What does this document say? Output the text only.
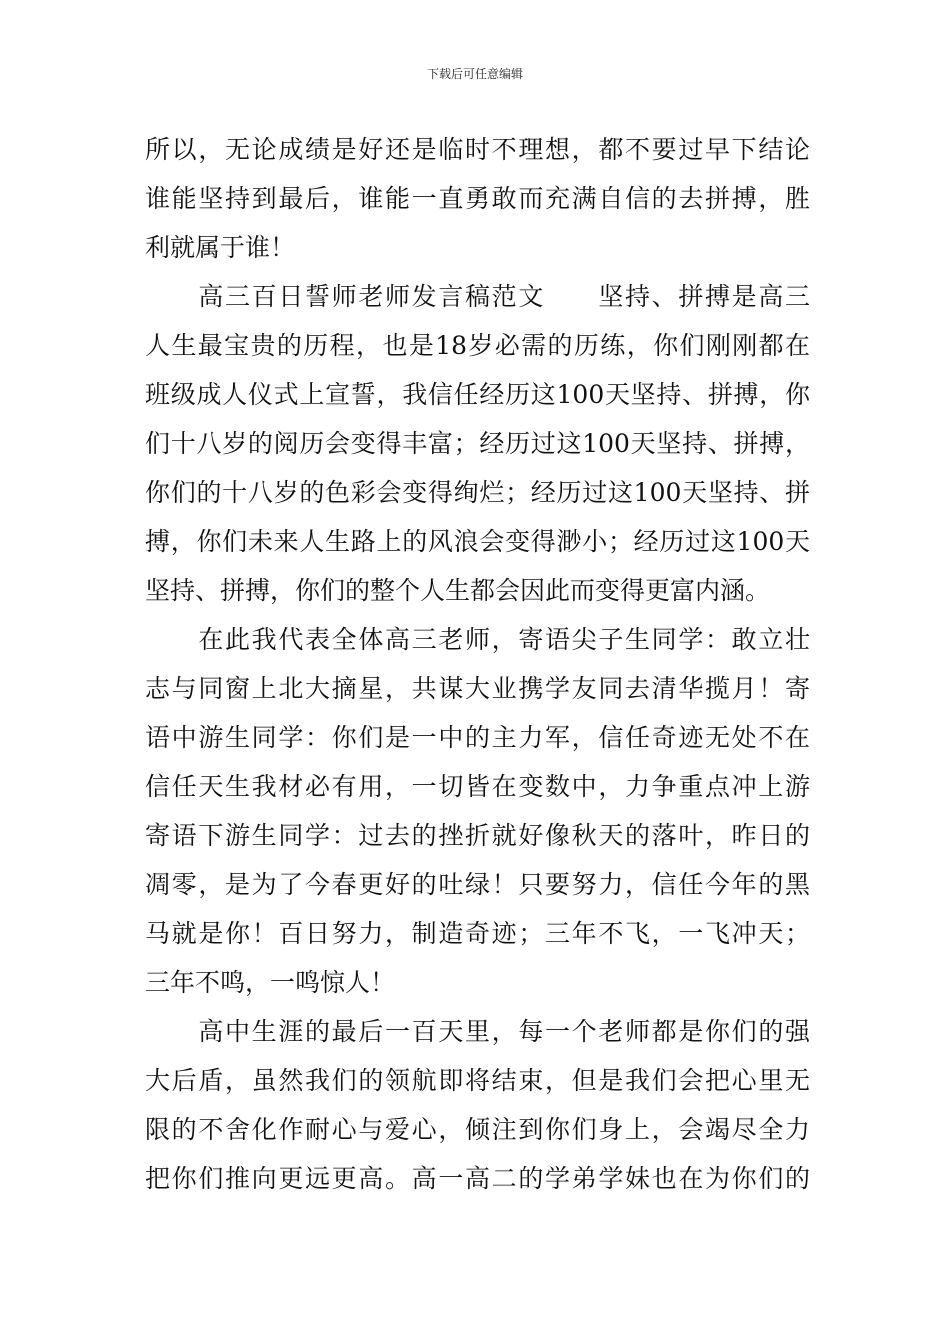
下载后可任意编辑
所以，无论成绩是好还是临时不理想，都不要过早下结论
谁能坚持到最后，谁能一直勇敢而充满自信的去拼搏，胜
利就属于谁！
　　高三百日誓师老师发言稿范文　　坚持、拼搏是高三
人生最宝贵的历程，也是18岁必需的历练，你们刚刚都在
班级成人仪式上宣誓，我信任经历这100天坚持、拼搏，你
们十八岁的阅历会变得丰富；经历过这100天坚持、拼搏，
你们的十八岁的色彩会变得绚烂；经历过这100天坚持、拼
搏，你们未来人生路上的风浪会变得渺小；经历过这100天
坚持、拼搏，你们的整个人生都会因此而变得更富内涵。
　　在此我代表全体高三老师，寄语尖子生同学：敢立壮
志与同窗上北大摘星，共谋大业携学友同去清华揽月！寄
语中游生同学：你们是一中的主力军，信任奇迹无处不在
信任天生我材必有用，一切皆在变数中，力争重点冲上游
寄语下游生同学：过去的挫折就好像秋天的落叶，昨日的
凋零，是为了今春更好的吐绿！只要努力，信任今年的黑
马就是你！百日努力，制造奇迹；三年不飞，一飞冲天；
三年不鸣，一鸣惊人！
　　高中生涯的最后一百天里，每一个老师都是你们的强
大后盾，虽然我们的领航即将结束，但是我们会把心里无
限的不舍化作耐心与爱心，倾注到你们身上，会竭尽全力
把你们推向更远更高。高一高二的学弟学妹也在为你们的
